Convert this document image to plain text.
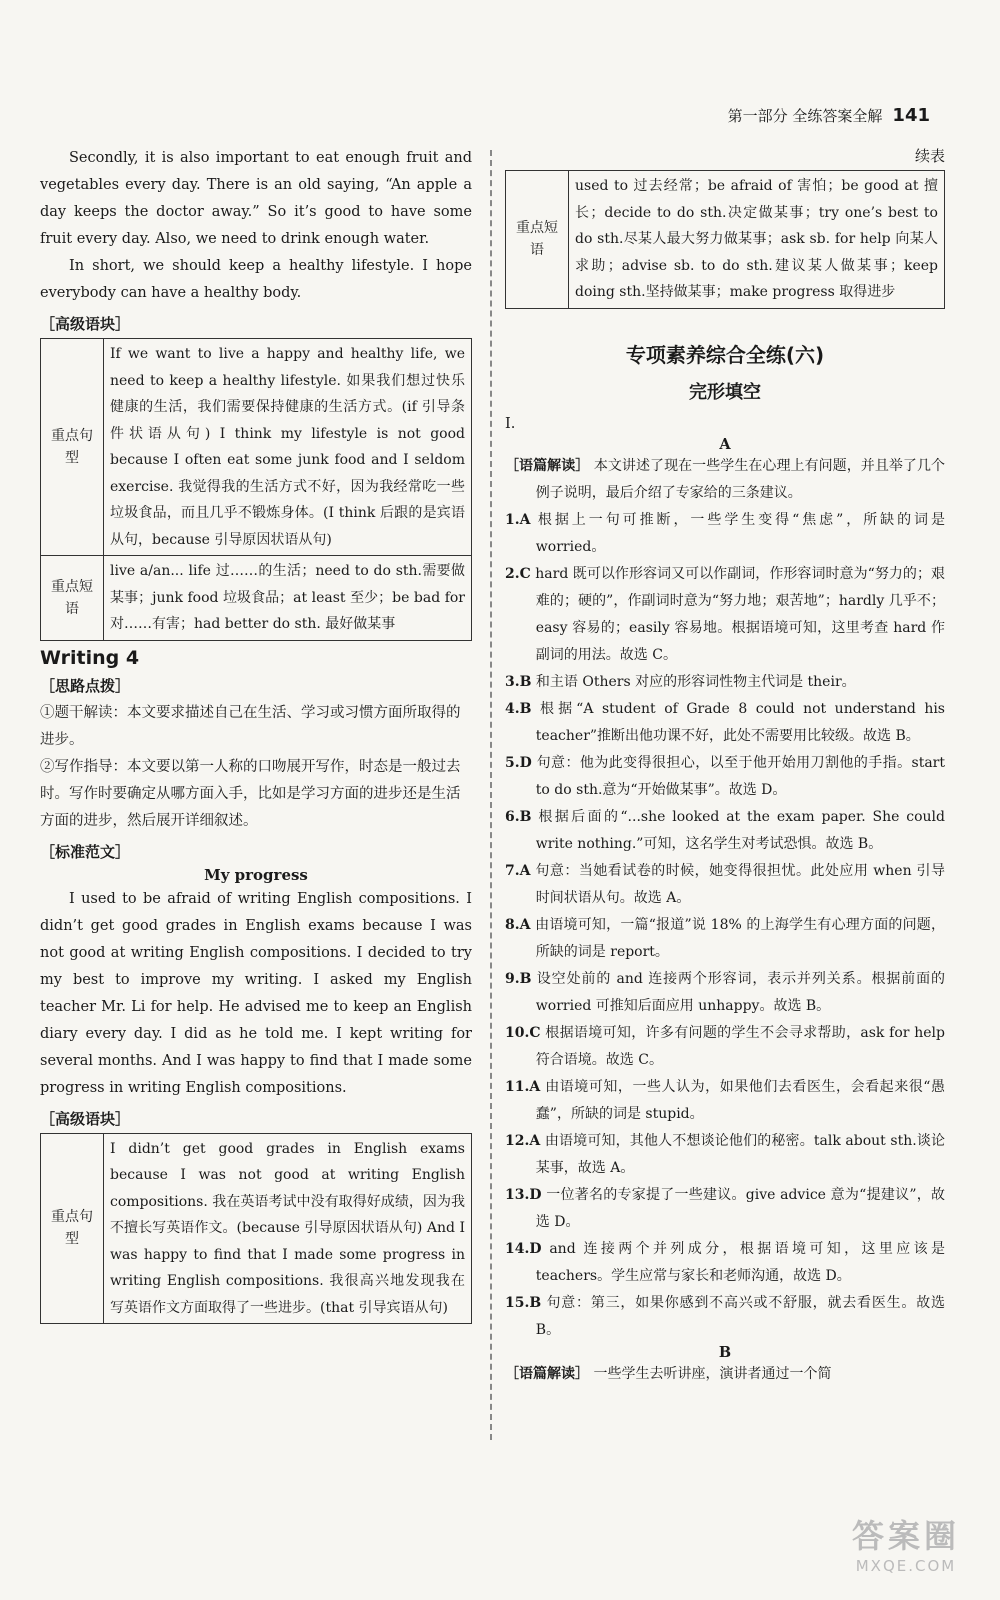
第一部分 全练答案全解 141

Secondly, it is also important to eat enough fruit and vegetables every day. There is an old saying, “An apple a day keeps the doctor away.” So it’s good to have some fruit every day. Also, we need to drink enough water.

In short, we should keep a healthy lifestyle. I hope everybody can have a healthy body.

［高级语块］
重点句型	If we want to live a happy and healthy life, we need to keep a healthy lifestyle. 如果我们想过快乐健康的生活，我们需要保持健康的生活方式。(if 引导条件状语从句) I think my lifestyle is not good because I often eat some junk food and I seldom exercise. 我觉得我的生活方式不好，因为我经常吃一些垃圾食品，而且几乎不锻炼身体。(I think 后跟的是宾语从句，because 引导原因状语从句)
重点短语	live a/an... life 过……的生活；need to do sth.需要做某事；junk food 垃圾食品；at least 至少；be bad for 对……有害；had better do sth. 最好做某事
Writing 4
［思路点拨］
①题干解读：本文要求描述自己在生活、学习或习惯方面所取得的进步。
②写作指导：本文要以第一人称的口吻展开写作，时态是一般过去时。写作时要确定从哪方面入手，比如是学习方面的进步还是生活方面的进步，然后展开详细叙述。
［标准范文］
My progress

I used to be afraid of writing English compositions. I didn’t get good grades in English exams because I was not good at writing English compositions. I decided to try my best to improve my writing. I asked my English teacher Mr. Li for help. He advised me to keep an English diary every day. I did as he told me. I kept writing for several months. And I was happy to find that I made some progress in writing English compositions.

［高级语块］
重点句型	I didn’t get good grades in English exams because I was not good at writing English compositions. 我在英语考试中没有取得好成绩，因为我不擅长写英语作文。(because 引导原因状语从句) And I was happy to find that I made some progress in writing English compositions. 我很高兴地发现我在写英语作文方面取得了一些进步。(that 引导宾语从句)
续表
重点短语	used to 过去经常；be afraid of 害怕；be good at 擅长；decide to do sth.决定做某事；try one’s best to do sth.尽某人最大努力做某事；ask sb. for help 向某人求助；advise sb. to do sth.建议某人做某事；keep doing sth.坚持做某事；make progress 取得进步
专项素养综合全练(六)
完形填空
Ⅰ.
A
［语篇解读］ 本文讲述了现在一些学生在心理上有问题，并且举了几个例子说明，最后介绍了专家给的三条建议。
1.A 根据上一句可推断，一些学生变得“焦虑”，所缺的词是 worried。
2.C hard 既可以作形容词又可以作副词，作形容词时意为“努力的；艰难的；硬的”，作副词时意为“努力地；艰苦地”；hardly 几乎不；easy 容易的；easily 容易地。根据语境可知，这里考查 hard 作副词的用法。故选 C。
3.B 和主语 Others 对应的形容词性物主代词是 their。
4.B 根据“A student of Grade 8 could not understand his teacher”推断出他功课不好，此处不需要用比较级。故选 B。
5.D 句意：他为此变得很担心，以至于他开始用刀割他的手指。start to do sth.意为“开始做某事”。故选 D。
6.B 根据后面的“...she looked at the exam paper. She could write nothing.”可知，这名学生对考试恐惧。故选 B。
7.A 句意：当她看试卷的时候，她变得很担忧。此处应用 when 引导时间状语从句。故选 A。
8.A 由语境可知，一篇“报道”说 18% 的上海学生有心理方面的问题，所缺的词是 report。
9.B 设空处前的 and 连接两个形容词，表示并列关系。根据前面的 worried 可推知后面应用 unhappy。故选 B。
10.C 根据语境可知，许多有问题的学生不会寻求帮助，ask for help 符合语境。故选 C。
11.A 由语境可知，一些人认为，如果他们去看医生，会看起来很“愚蠢”，所缺的词是 stupid。
12.A 由语境可知，其他人不想谈论他们的秘密。talk about sth.谈论某事，故选 A。
13.D 一位著名的专家提了一些建议。give advice 意为“提建议”，故选 D。
14.D and 连接两个并列成分，根据语境可知，这里应该是 teachers。学生应常与家长和老师沟通，故选 D。
15.B 句意：第三，如果你感到不高兴或不舒服，就去看医生。故选 B。
B
［语篇解读］ 一些学生去听讲座，演讲者通过一个简
答案圈
MXQE.COM
